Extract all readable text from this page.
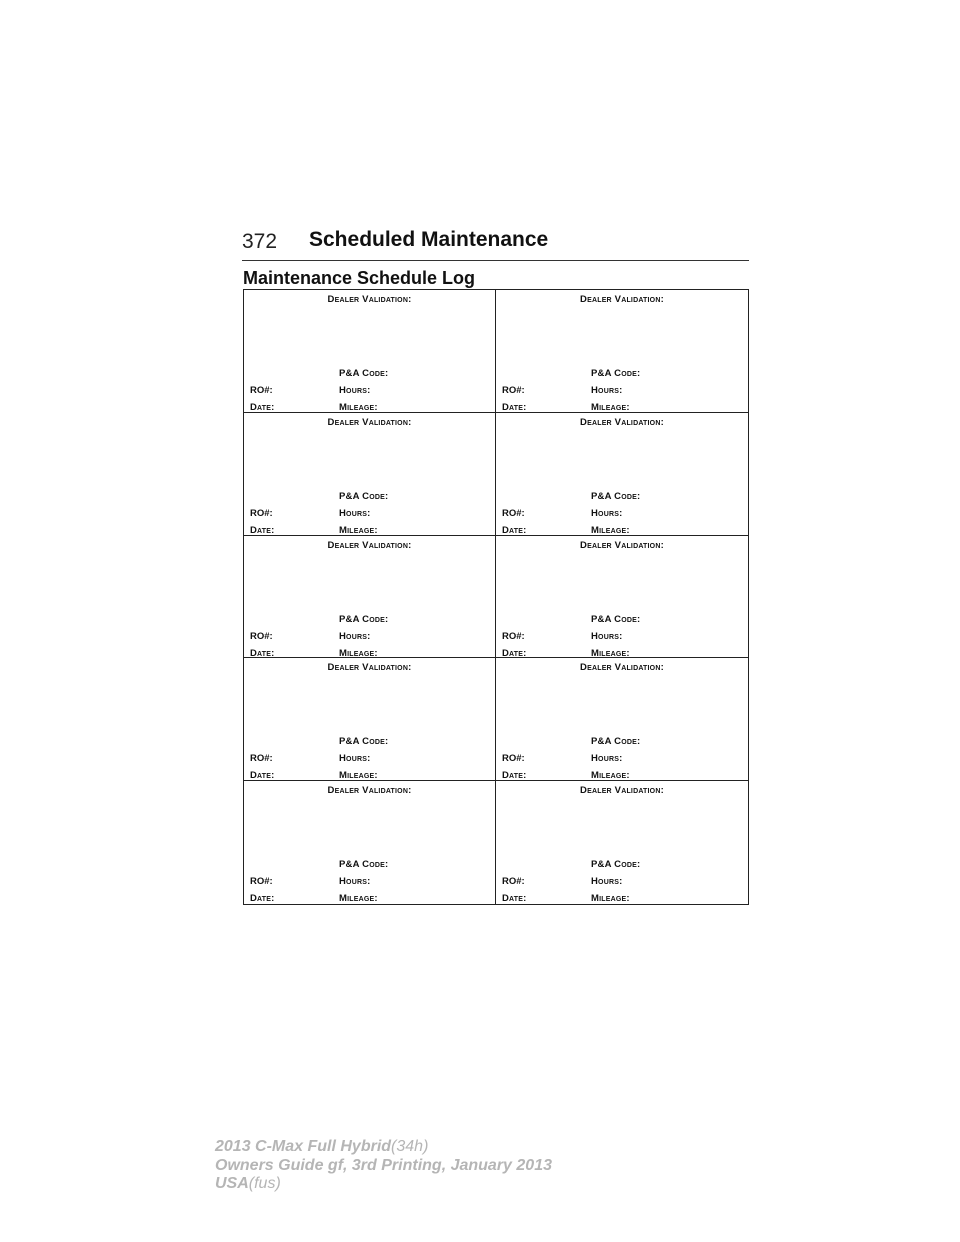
372 Scheduled Maintenance
Maintenance Schedule Log
Dealer Validation:
P&A Code:
RO#:	Hours:
Date:	Mileage:
Dealer Validation:
P&A Code:
RO#:	Hours:
Date:	Mileage:
Dealer Validation:
P&A Code:
RO#:	Hours:
Date:	Mileage:
Dealer Validation:
P&A Code:
RO#:	Hours:
Date:	Mileage:
Dealer Validation:
P&A Code:
RO#:	Hours:
Date:	Mileage:
Dealer Validation:
P&A Code:
RO#:	Hours:
Date:	Mileage:
Dealer Validation:
P&A Code:
RO#:	Hours:
Date:	Mileage:
Dealer Validation:
P&A Code:
RO#:	Hours:
Date:	Mileage:
Dealer Validation:
P&A Code:
RO#:	Hours:
Date:	Mileage:
Dealer Validation:
P&A Code:
RO#:	Hours:
Date:	Mileage:
2013 C-Max Full Hybrid(34h)
Owners Guide gf, 3rd Printing, January 2013
USA(fus)
